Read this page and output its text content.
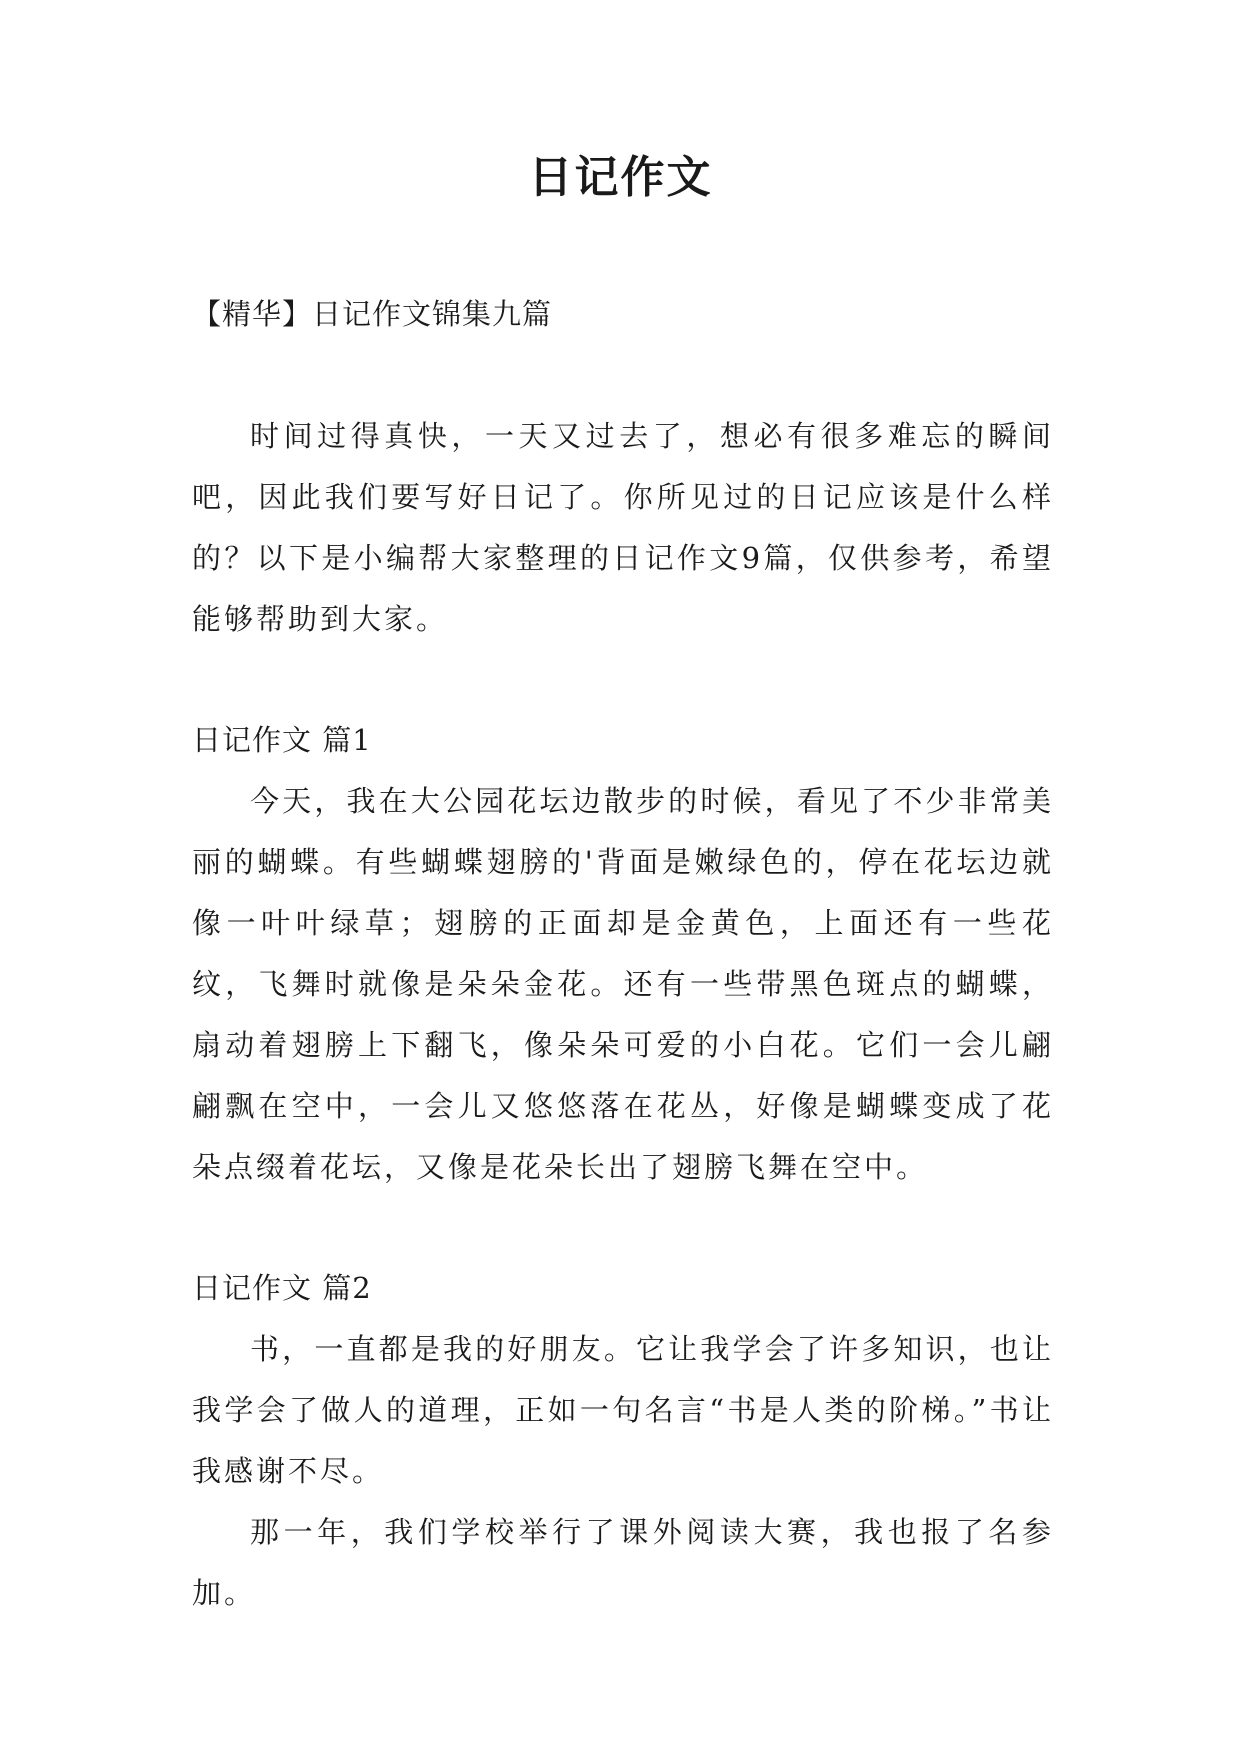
日记作文

【精华】日记作文锦集九篇

时间过得真快，一天又过去了，想必有很多难忘的瞬间吧，因此我们要写好日记了。你所见过的日记应该是什么样的？以下是小编帮大家整理的日记作文9篇，仅供参考，希望能够帮助到大家。

日记作文 篇1

今天，我在大公园花坛边散步的时候，看见了不少非常美丽的蝴蝶。有些蝴蝶翅膀的'背面是嫩绿色的，停在花坛边就像一叶叶绿草；翅膀的正面却是金黄色，上面还有一些花纹，飞舞时就像是朵朵金花。还有一些带黑色斑点的蝴蝶，扇动着翅膀上下翻飞，像朵朵可爱的小白花。它们一会儿翩翩飘在空中，一会儿又悠悠落在花丛，好像是蝴蝶变成了花朵点缀着花坛，又像是花朵长出了翅膀飞舞在空中。

日记作文 篇2

书，一直都是我的好朋友。它让我学会了许多知识，也让我学会了做人的道理，正如一句名言“书是人类的阶梯。”书让我感谢不尽。

那一年，我们学校举行了课外阅读大赛，我也报了名参加。
